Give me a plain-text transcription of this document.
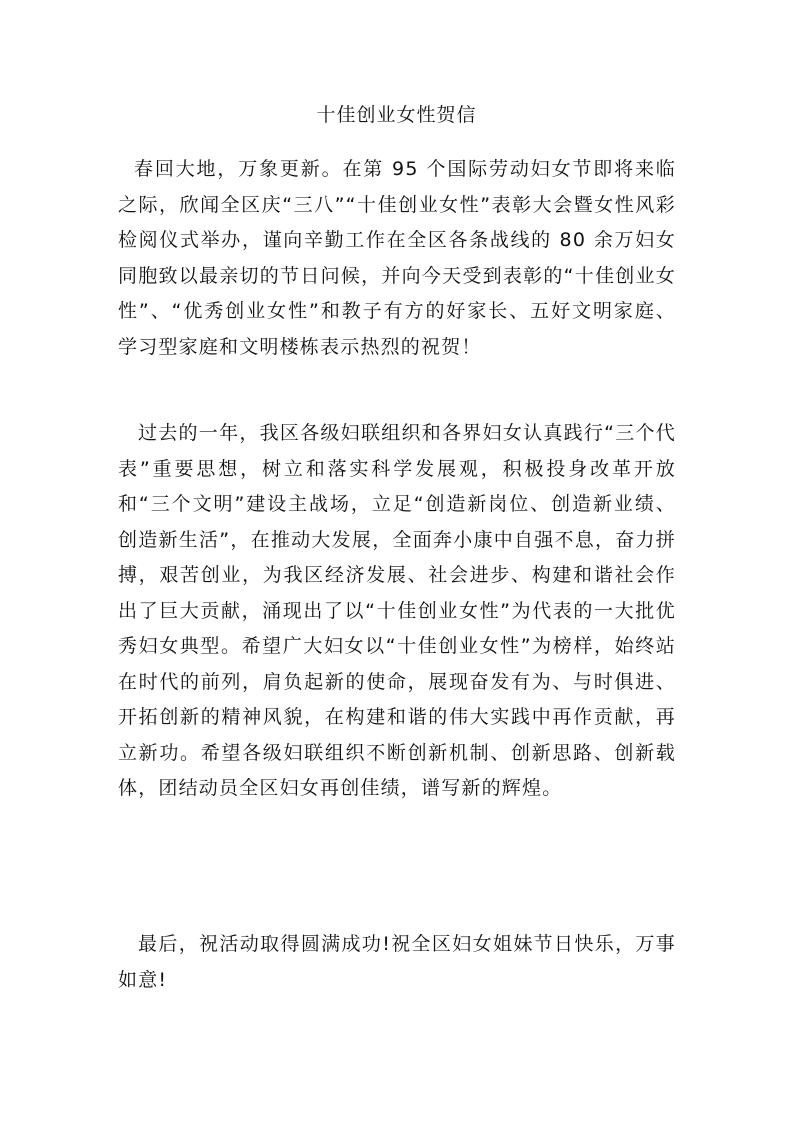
十佳创业女性贺信

春回大地，万象更新。在第 95 个国际劳动妇女节即将来临之际，欣闻全区庆“三八”“十佳创业女性”表彰大会暨女性风彩检阅仪式举办，谨向辛勤工作在全区各条战线的 80 余万妇女同胞致以最亲切的节日问候，并向今天受到表彰的“十佳创业女性”、“优秀创业女性”和教子有方的好家长、五好文明家庭、学习型家庭和文明楼栋表示热烈的祝贺！

过去的一年，我区各级妇联组织和各界妇女认真践行“三个代表”重要思想，树立和落实科学发展观，积极投身改革开放和“三个文明”建设主战场，立足“创造新岗位、创造新业绩、创造新生活”，在推动大发展，全面奔小康中自强不息，奋力拼搏，艰苦创业，为我区经济发展、社会进步、构建和谐社会作出了巨大贡献，涌现出了以“十佳创业女性”为代表的一大批优秀妇女典型。希望广大妇女以“十佳创业女性”为榜样，始终站在时代的前列，肩负起新的使命，展现奋发有为、与时俱进、开拓创新的精神风貌，在构建和谐的伟大实践中再作贡献，再立新功。希望各级妇联组织不断创新机制、创新思路、创新载体，团结动员全区妇女再创佳绩，谱写新的辉煌。

最后，祝活动取得圆满成功!祝全区妇女姐妹节日快乐，万事如意!
